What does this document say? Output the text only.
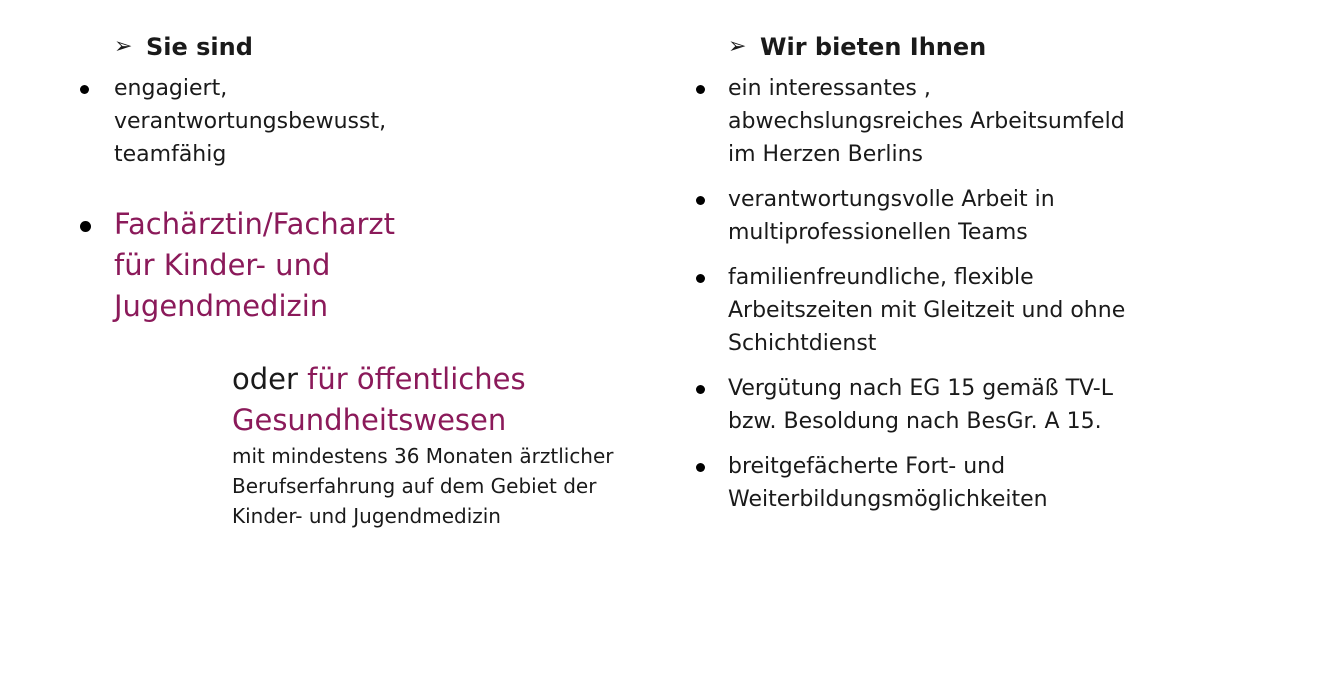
➢ Sie sind
engagiert, verantwortungsbewusst, teamfähig
Fachärztin/Facharzt für Kinder- und Jugendmedizin
oder für öffentliches Gesundheitswesen
mit mindestens 36 Monaten ärztlicher Berufserfahrung auf dem Gebiet der Kinder- und Jugendmedizin
➢ Wir bieten Ihnen
ein interessantes , abwechslungsreiches Arbeitsumfeld im Herzen Berlins
verantwortungsvolle Arbeit in multiprofessionellen Teams
familienfreundliche, flexible Arbeitszeiten mit Gleitzeit und ohne Schichtdienst
Vergütung nach EG 15 gemäß TV-L bzw. Besoldung nach BesGr. A 15.
breitgefächerte Fort- und Weiterbildungsmöglichkeiten
